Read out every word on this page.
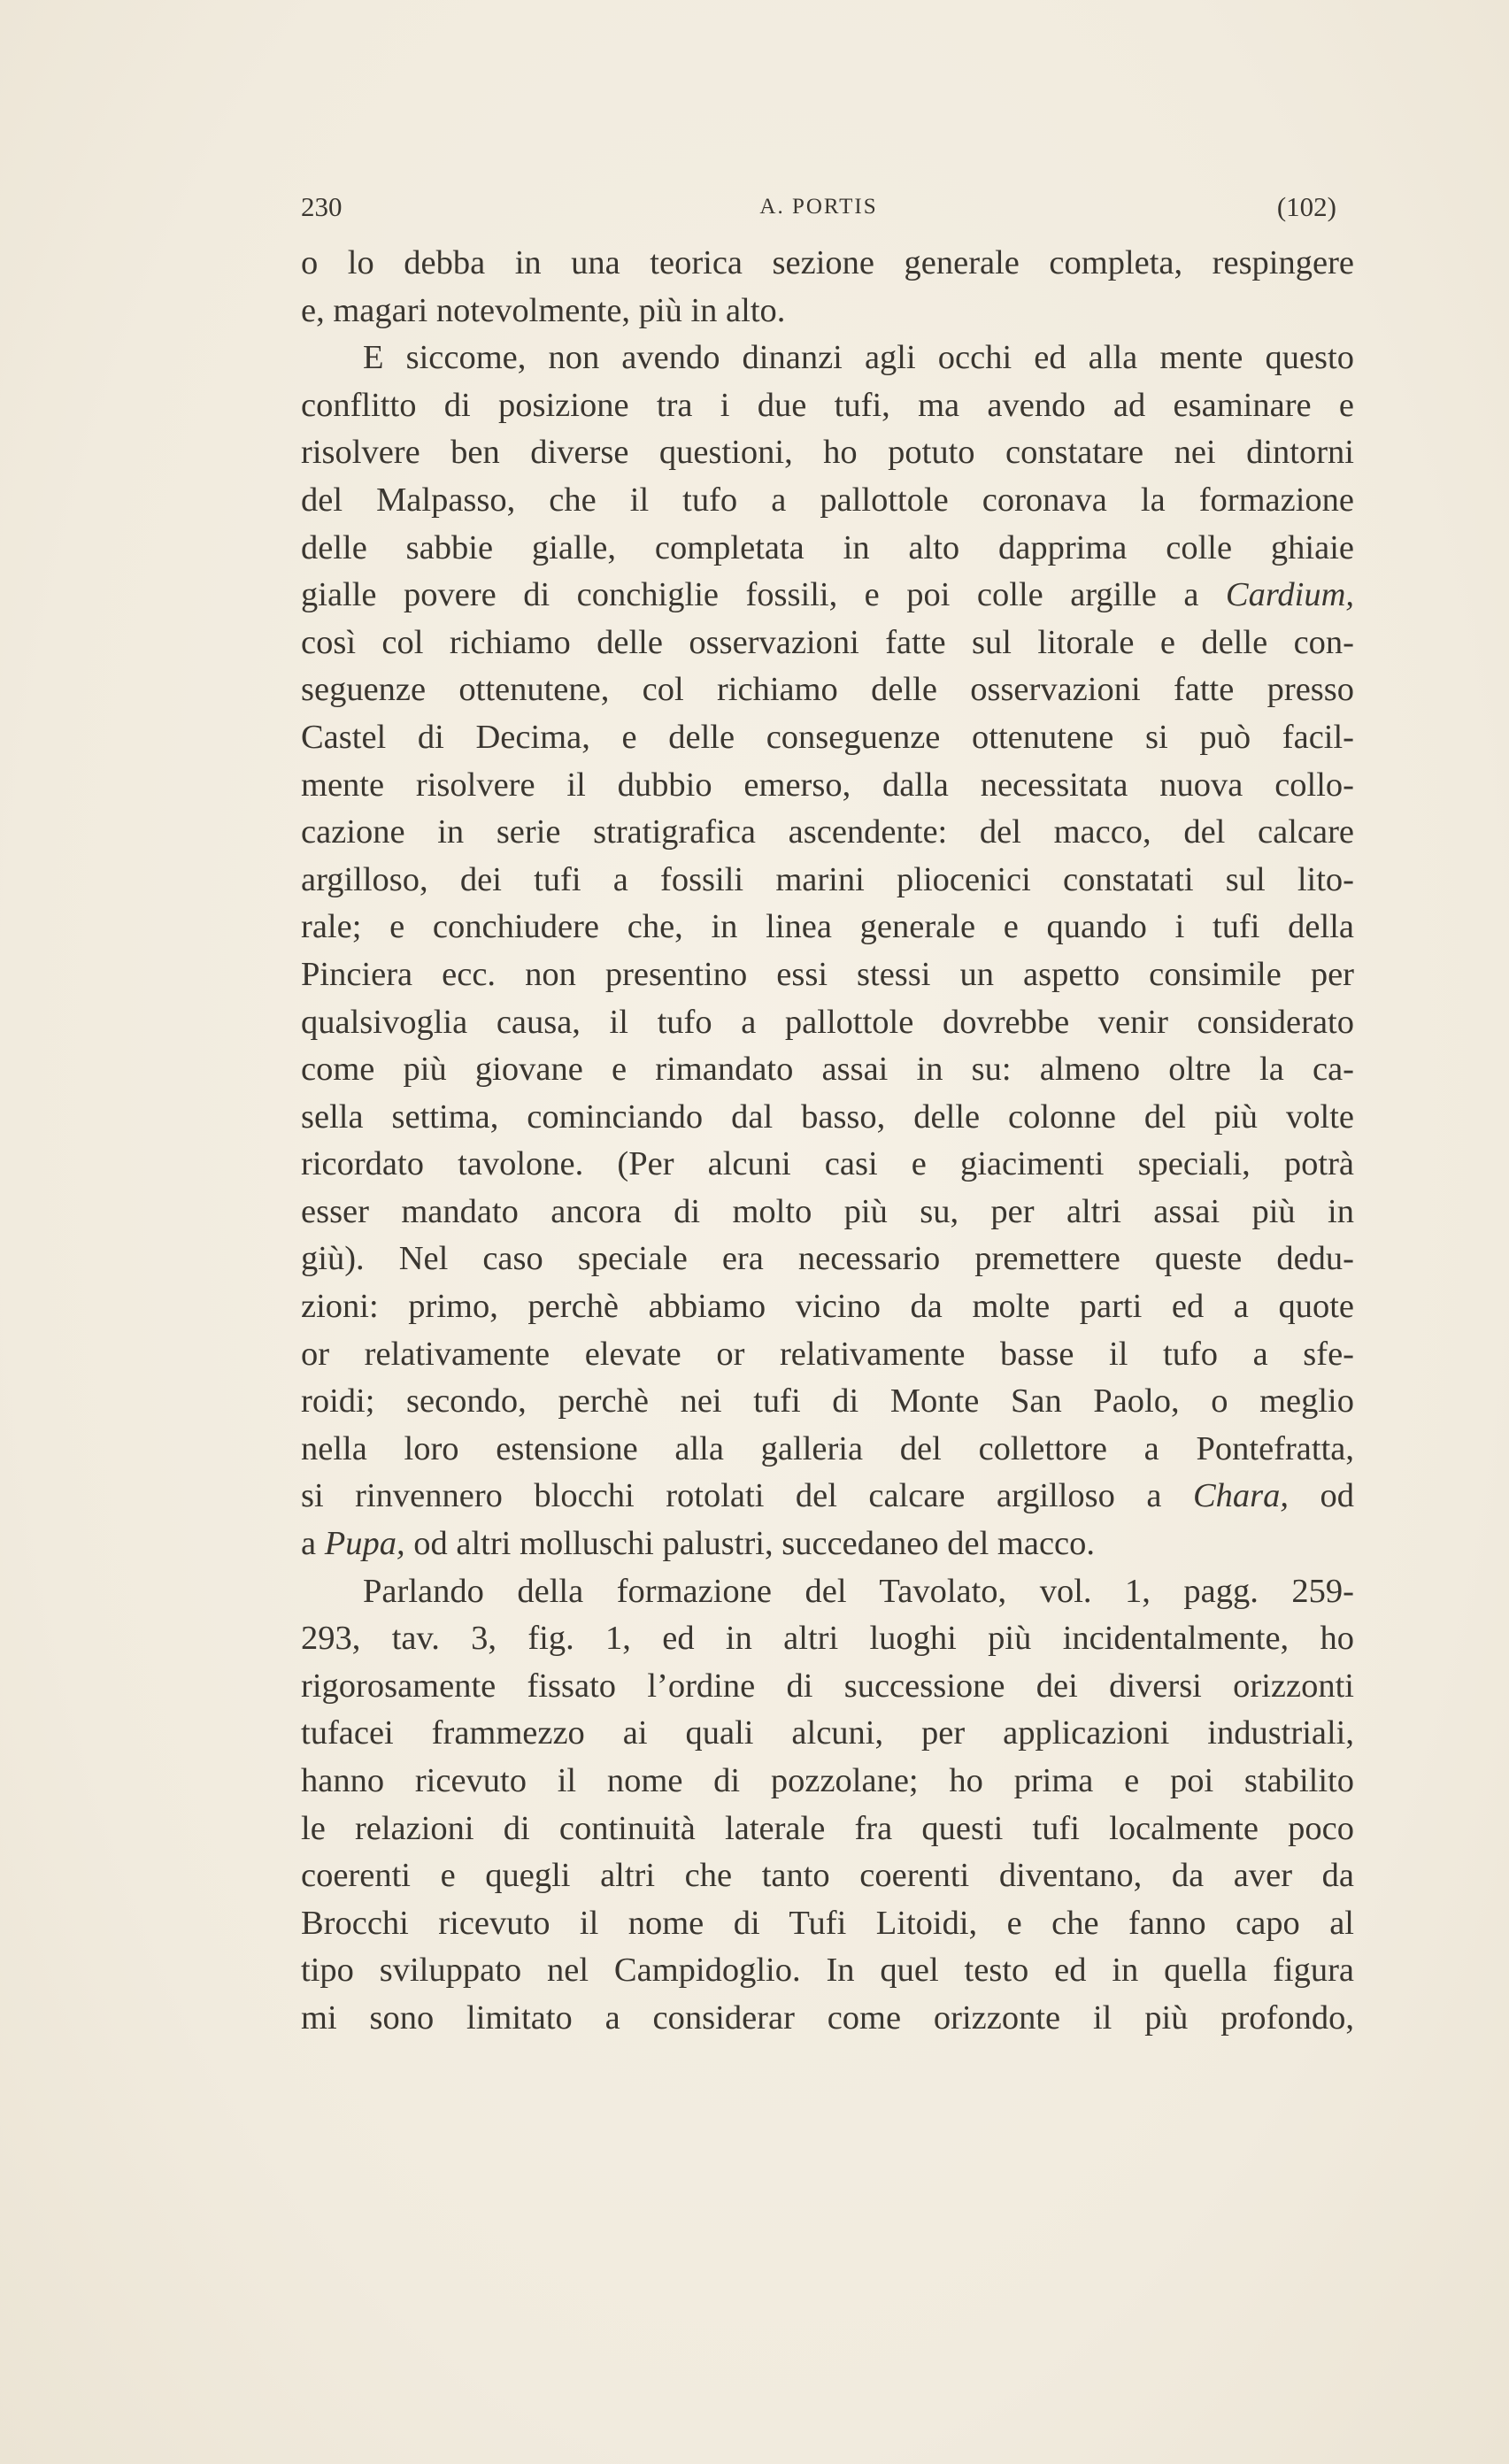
230	A. PORTIS	(102)
o lo debba in una teorica sezione generale completa, respingere
e, magari notevolmente, più in alto.
E siccome, non avendo dinanzi agli occhi ed alla mente questo
conflitto di posizione tra i due tufi, ma avendo ad esaminare e
risolvere ben diverse questioni, ho potuto constatare nei dintorni
del Malpasso, che il tufo a pallottole coronava la formazione
delle sabbie gialle, completata in alto dapprima colle ghiaie
gialle povere di conchiglie fossili, e poi colle argille a Cardium,
così col richiamo delle osservazioni fatte sul litorale e delle con-
seguenze ottenutene, col richiamo delle osservazioni fatte presso
Castel di Decima, e delle conseguenze ottenutene si può facil-
mente risolvere il dubbio emerso, dalla necessitata nuova collo-
cazione in serie stratigrafica ascendente: del macco, del calcare
argilloso, dei tufi a fossili marini pliocenici constatati sul lito-
rale; e conchiudere che, in linea generale e quando i tufi della
Pinciera ecc. non presentino essi stessi un aspetto consimile per
qualsivoglia causa, il tufo a pallottole dovrebbe venir considerato
come più giovane e rimandato assai in su: almeno oltre la ca-
sella settima, cominciando dal basso, delle colonne del più volte
ricordato tavolone. (Per alcuni casi e giacimenti speciali, potrà
esser mandato ancora di molto più su, per altri assai più in
giù). Nel caso speciale era necessario premettere queste dedu-
zioni: primo, perchè abbiamo vicino da molte parti ed a quote
or relativamente elevate or relativamente basse il tufo a sfe-
roidi; secondo, perchè nei tufi di Monte San Paolo, o meglio
nella loro estensione alla galleria del collettore a Pontefratta,
si rinvennero blocchi rotolati del calcare argilloso a Chara, od
a Pupa, od altri molluschi palustri, succedaneo del macco.
Parlando della formazione del Tavolato, vol. 1, pagg. 259-
293, tav. 3, fig. 1, ed in altri luoghi più incidentalmente, ho
rigorosamente fissato l’ordine di successione dei diversi orizzonti
tufacei frammezzo ai quali alcuni, per applicazioni industriali,
hanno ricevuto il nome di pozzolane; ho prima e poi stabilito
le relazioni di continuità laterale fra questi tufi localmente poco
coerenti e quegli altri che tanto coerenti diventano, da aver da
Brocchi ricevuto il nome di Tufi Litoidi, e che fanno capo al
tipo sviluppato nel Campidoglio. In quel testo ed in quella figura
mi sono limitato a considerar come orizzonte il più profondo,
